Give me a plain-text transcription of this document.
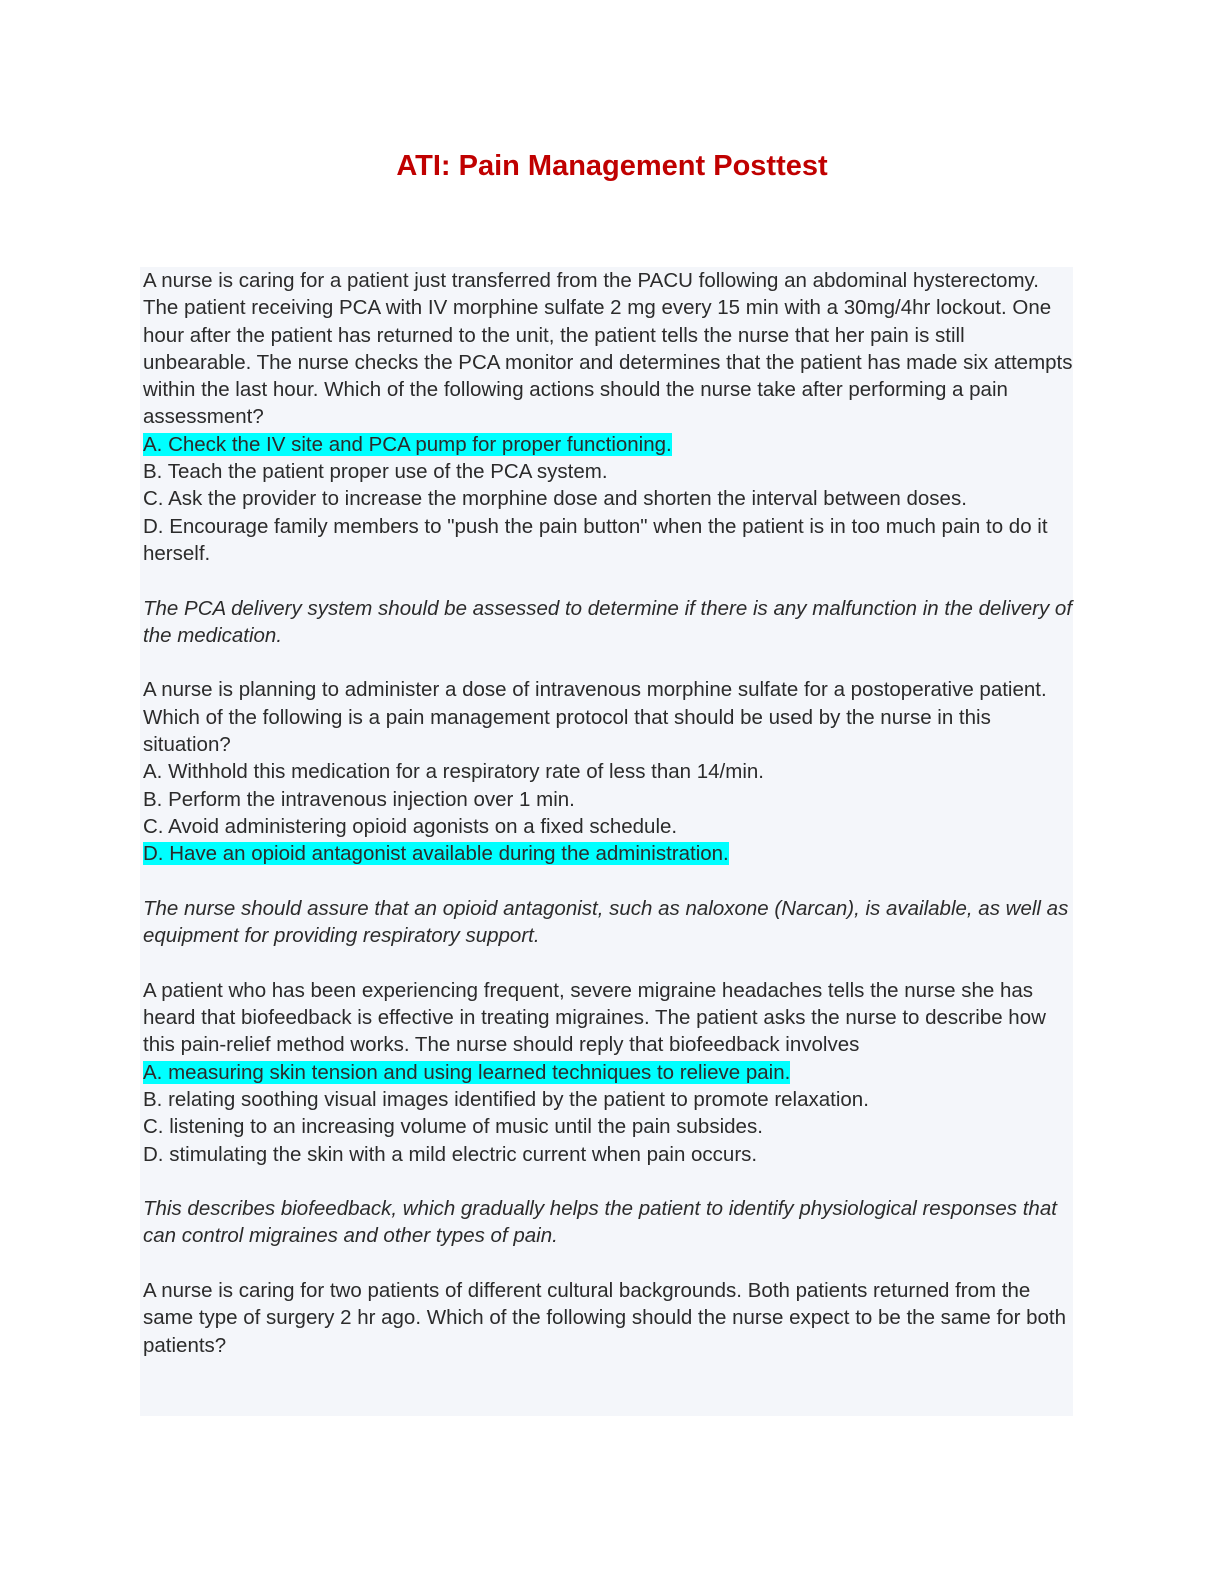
ATI: Pain Management Posttest
A nurse is caring for a patient just transferred from the PACU following an abdominal hysterectomy. The patient receiving PCA with IV morphine sulfate 2 mg every 15 min with a 30mg/4hr lockout. One hour after the patient has returned to the unit, the patient tells the nurse that her pain is still unbearable. The nurse checks the PCA monitor and determines that the patient has made six attempts within the last hour. Which of the following actions should the nurse take after performing a pain assessment?
A. Check the IV site and PCA pump for proper functioning.
B. Teach the patient proper use of the PCA system.
C. Ask the provider to increase the morphine dose and shorten the interval between doses.
D. Encourage family members to "push the pain button" when the patient is in too much pain to do it herself.
The PCA delivery system should be assessed to determine if there is any malfunction in the delivery of the medication.
A nurse is planning to administer a dose of intravenous morphine sulfate for a postoperative patient. Which of the following is a pain management protocol that should be used by the nurse in this situation?
A. Withhold this medication for a respiratory rate of less than 14/min.
B. Perform the intravenous injection over 1 min.
C. Avoid administering opioid agonists on a fixed schedule.
D. Have an opioid antagonist available during the administration.
The nurse should assure that an opioid antagonist, such as naloxone (Narcan), is available, as well as equipment for providing respiratory support.
A patient who has been experiencing frequent, severe migraine headaches tells the nurse she has heard that biofeedback is effective in treating migraines. The patient asks the nurse to describe how this pain-relief method works. The nurse should reply that biofeedback involves
A. measuring skin tension and using learned techniques to relieve pain.
B. relating soothing visual images identified by the patient to promote relaxation.
C. listening to an increasing volume of music until the pain subsides.
D. stimulating the skin with a mild electric current when pain occurs.
This describes biofeedback, which gradually helps the patient to identify physiological responses that can control migraines and other types of pain.
A nurse is caring for two patients of different cultural backgrounds. Both patients returned from the same type of surgery 2 hr ago. Which of the following should the nurse expect to be the same for both patients?
